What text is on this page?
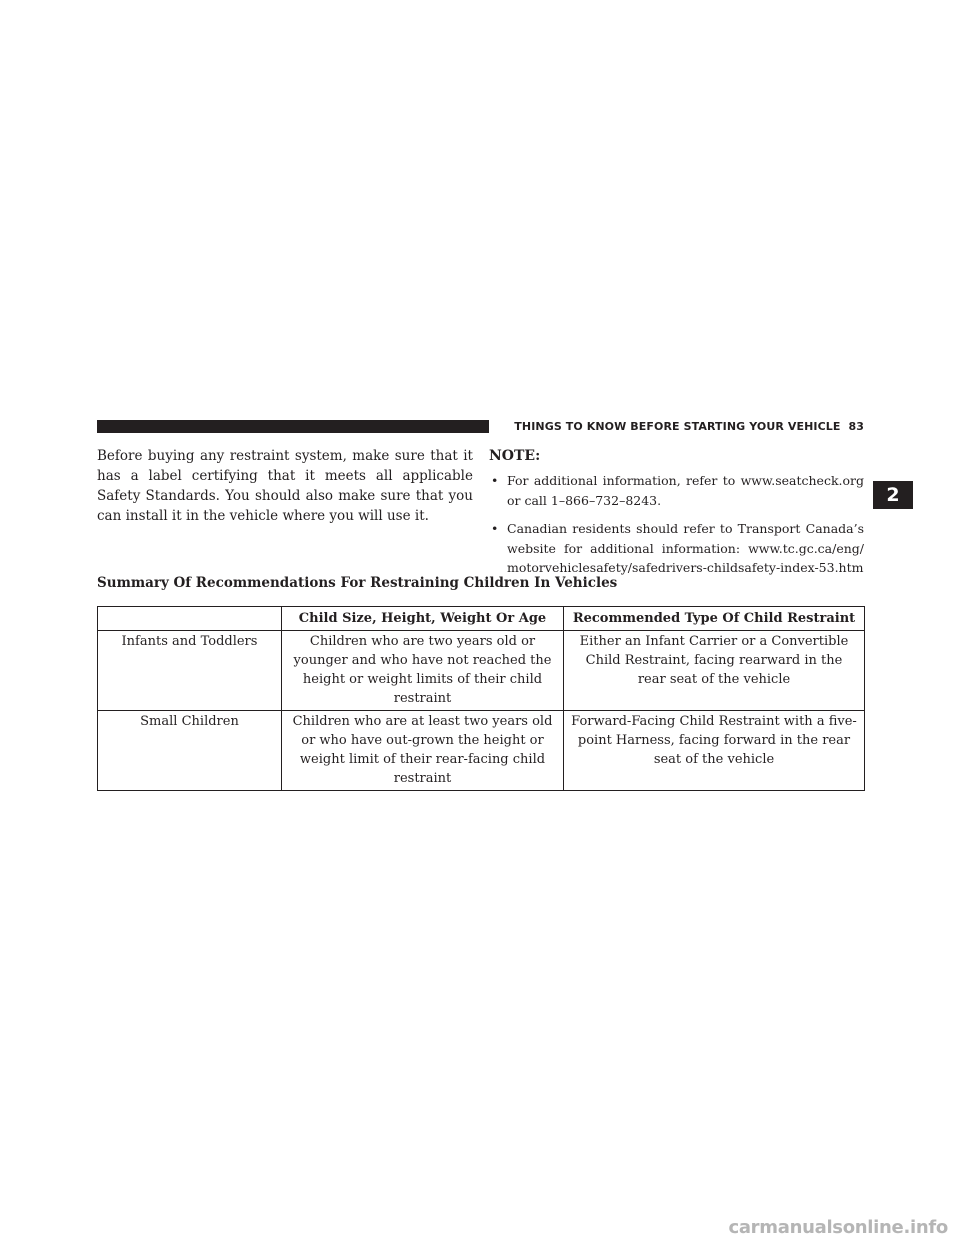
THINGS TO KNOW BEFORE STARTING YOUR VEHICLE 83
2

Before buying any restraint system, make sure that it has a label certifying that it meets all applicable Safety Standards. You should also make sure that you can install it in the vehicle where you will use it.

NOTE:

• For additional information, refer to www.seatcheck.org or call 1–866–732–8243.
• Canadian residents should refer to Transport Canada’s website for additional information: www.tc.gc.ca/eng/ motorvehiclesafety/safedrivers-childsafety-index-53.htm

Summary Of Recommendations For Restraining Children In Vehicles

	Child Size, Height, Weight Or Age	Recommended Type Of Child Restraint
Infants and Toddlers	Children who are two years old or younger and who have not reached the height or weight limits of their child restraint	Either an Infant Carrier or a Convertible Child Restraint, facing rearward in the rear seat of the vehicle
Small Children	Children who are at least two years old or who have out-grown the height or weight limit of their rear-facing child restraint	Forward-Facing Child Restraint with a five-point Harness, facing forward in the rear seat of the vehicle
carmanualsonline.info
